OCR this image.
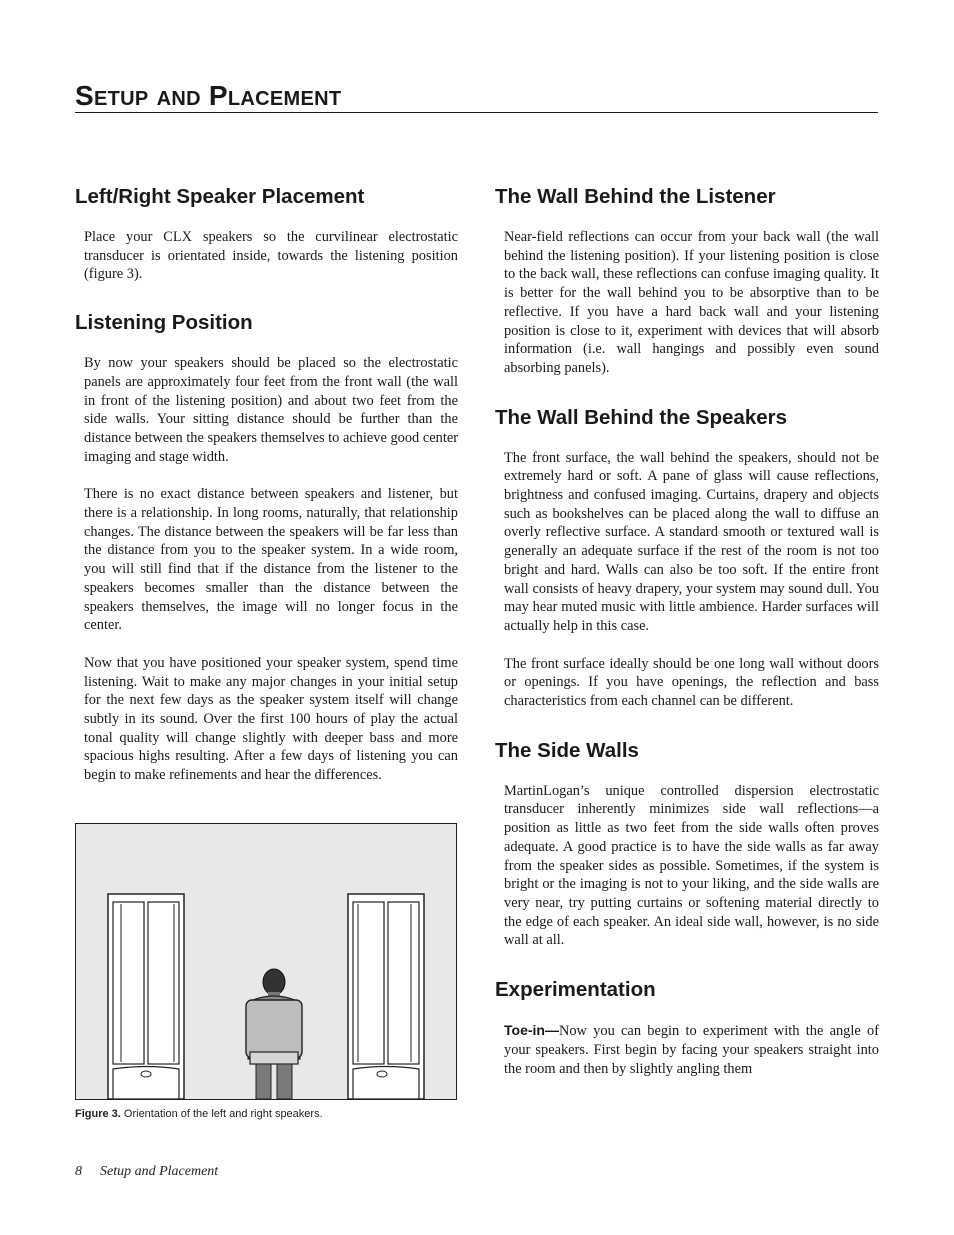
Setup and Placement
Left/Right Speaker Placement

Place your CLX speakers so the curvilinear electrostatic transducer is orientated inside, towards the listening position (figure 3).

Listening Position

By now your speakers should be placed so the electrostatic panels are approximately four feet from the front wall (the wall in front of the listening position) and about two feet from the side walls. Your sitting distance should be further than the distance between the speakers themselves to achieve good center imaging and stage width.

There is no exact distance between speakers and listener, but there is a relationship. In long rooms, naturally, that relationship changes. The distance between the speakers will be far less than the distance from you to the speaker system. In a wide room, you will still find that if the distance from the listener to the speakers becomes smaller than the distance between the speakers themselves, the image will no longer focus in the center.

Now that you have positioned your speaker system, spend time listening. Wait to make any major changes in your initial setup for the next few days as the speaker system itself will change subtly in its sound. Over the first 100 hours of play the actual tonal quality will change slightly with deeper bass and more spacious highs resulting. After a few days of listening you can begin to make refinements and hear the differences.

Figure 3. Orientation of the left and right speakers.
The Wall Behind the Listener

Near-field reflections can occur from your back wall (the wall behind the listening position). If your listening position is close to the back wall, these reflections can confuse imaging quality. It is better for the wall behind you to be absorptive than to be reflective. If you have a hard back wall and your listening position is close to it, experiment with devices that will absorb information (i.e. wall hangings and possibly even sound absorbing panels).

The Wall Behind the Speakers

The front surface, the wall behind the speakers, should not be extremely hard or soft. A pane of glass will cause reflections, brightness and confused imaging. Curtains, drapery and objects such as bookshelves can be placed along the wall to diffuse an overly reflective surface. A standard smooth or textured wall is generally an adequate surface if the rest of the room is not too bright and hard. Walls can also be too soft. If the entire front wall consists of heavy drapery, your system may sound dull. You may hear muted music with little ambience. Harder surfaces will actually help in this case.

The front surface ideally should be one long wall without doors or openings. If you have openings, the reflection and bass characteristics from each channel can be different.

The Side Walls

MartinLogan’s unique controlled dispersion electrostatic transducer inherently minimizes side wall reflections—a position as little as two feet from the side walls often proves adequate. A good practice is to have the side walls as far away from the speaker sides as possible. Sometimes, if the system is bright or the imaging is not to your liking, and the side walls are very near, try putting curtains or softening material directly to the edge of each speaker. An ideal side wall, however, is no side wall at all.

Experimentation

Toe-in—Now you can begin to experiment with the angle of your speakers. First begin by facing your speakers straight into the room and then by slightly angling them

8 Setup and Placement
